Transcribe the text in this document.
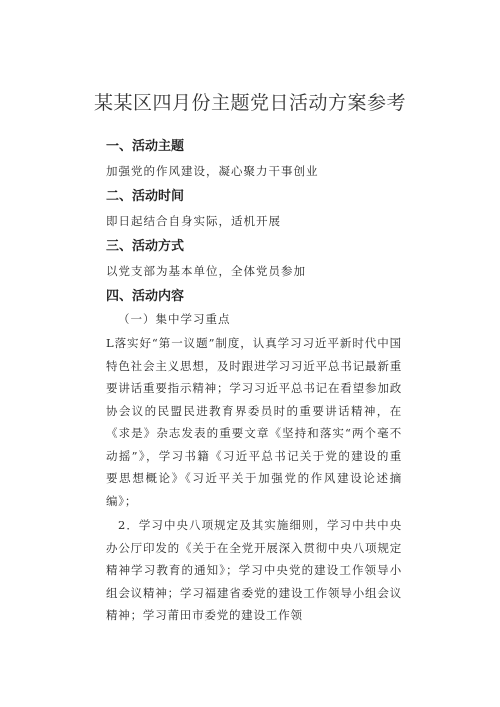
某某区四月份主题党日活动方案参考
一、活动主题
加强党的作风建设，凝心聚力干事创业
二、活动时间
即日起结合自身实际，适机开展
三、活动方式
以党支部为基本单位，全体党员参加
四、活动内容
（一）集中学习重点
L落实好“第一议题”制度，认真学习习近平新时代中国特色社会主义思想，及时跟进学习习近平总书记最新重要讲话重要指示精神；学习习近平总书记在看望参加政协会议的民盟民进教育界委员时的重要讲话精神，在《求是》杂志发表的重要文章《坚持和落实“两个毫不动摇”》，学习书籍《习近平总书记关于党的建设的重要思想概论》《习近平关于加强党的作风建设论述摘编》；
2．学习中央八项规定及其实施细则，学习中共中央办公厅印发的《关于在全党开展深入贯彻中央八项规定精神学习教育的通知》；学习中央党的建设工作领导小组会议精神；学习福建省委党的建设工作领导小组会议精神；学习莆田市委党的建设工作领
